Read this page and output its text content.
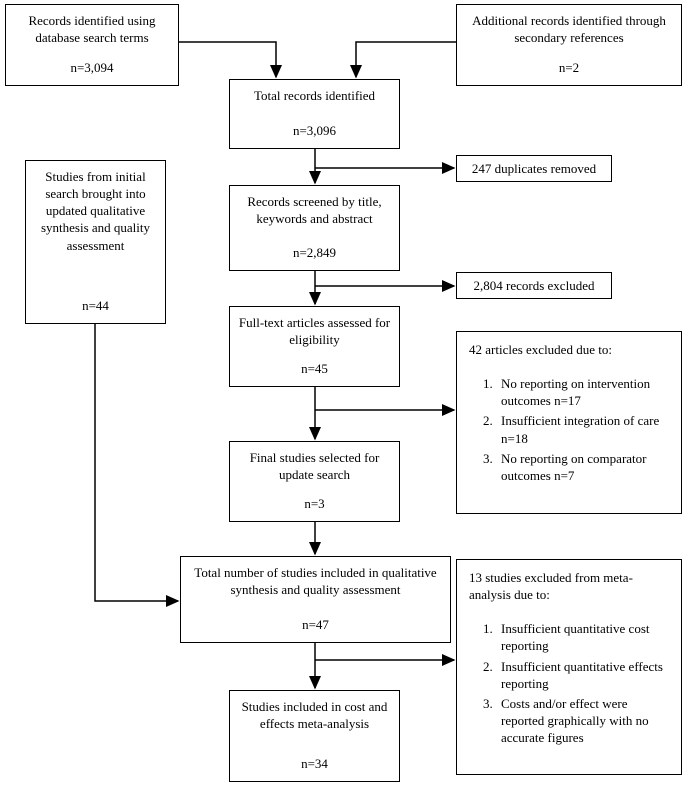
Records identified using database search terms
n=3,094
Additional records identified through secondary references
n=2
Total records identified
n=3,096
247 duplicates removed
Records screened by title, keywords and abstract
n=2,849
2,804 records excluded
Full-text articles assessed for eligibility
n=45
42 articles excluded due to:
1. No reporting on intervention outcomes n=17
2. Insufficient integration of care n=18
3. No reporting on comparator outcomes n=7
Studies from initial search brought into updated qualitative synthesis and quality assessment
n=44
Final studies selected for update search
n=3
Total number of studies included in qualitative synthesis and quality assessment
n=47
13 studies excluded from meta-analysis due to:
1. Insufficient quantitative cost reporting
2. Insufficient quantitative effects reporting
3. Costs and/or effect were reported graphically with no accurate figures
Studies included in cost and effects meta-analysis
n=34
